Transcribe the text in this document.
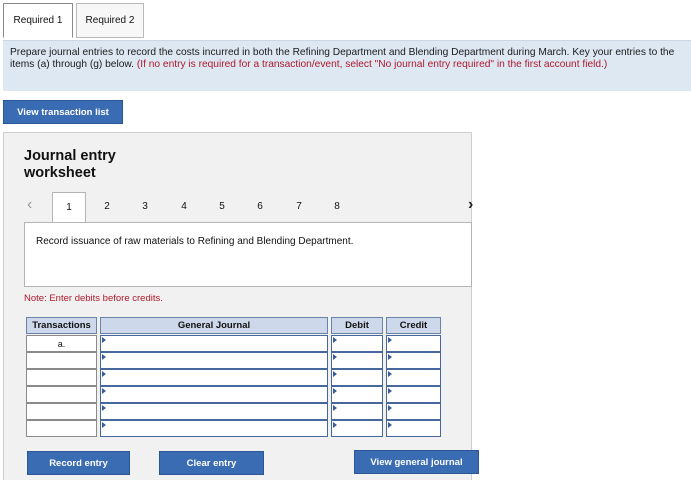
Required 1	Required 2
Prepare journal entries to record the costs incurred in both the Refining Department and Blending Department during March. Key your entries to the items (a) through (g) below. (If no entry is required for a transaction/event, select "No journal entry required" in the first account field.)
View transaction list
Journal entry
worksheet
‹	1	2	3	4	5	6	7	8	›
Record issuance of raw materials to Refining and Blending Department.
Note: Enter debits before credits.
Transactions	General Journal	Debit	Credit
a.
Record entry	Clear entry	View general journal
